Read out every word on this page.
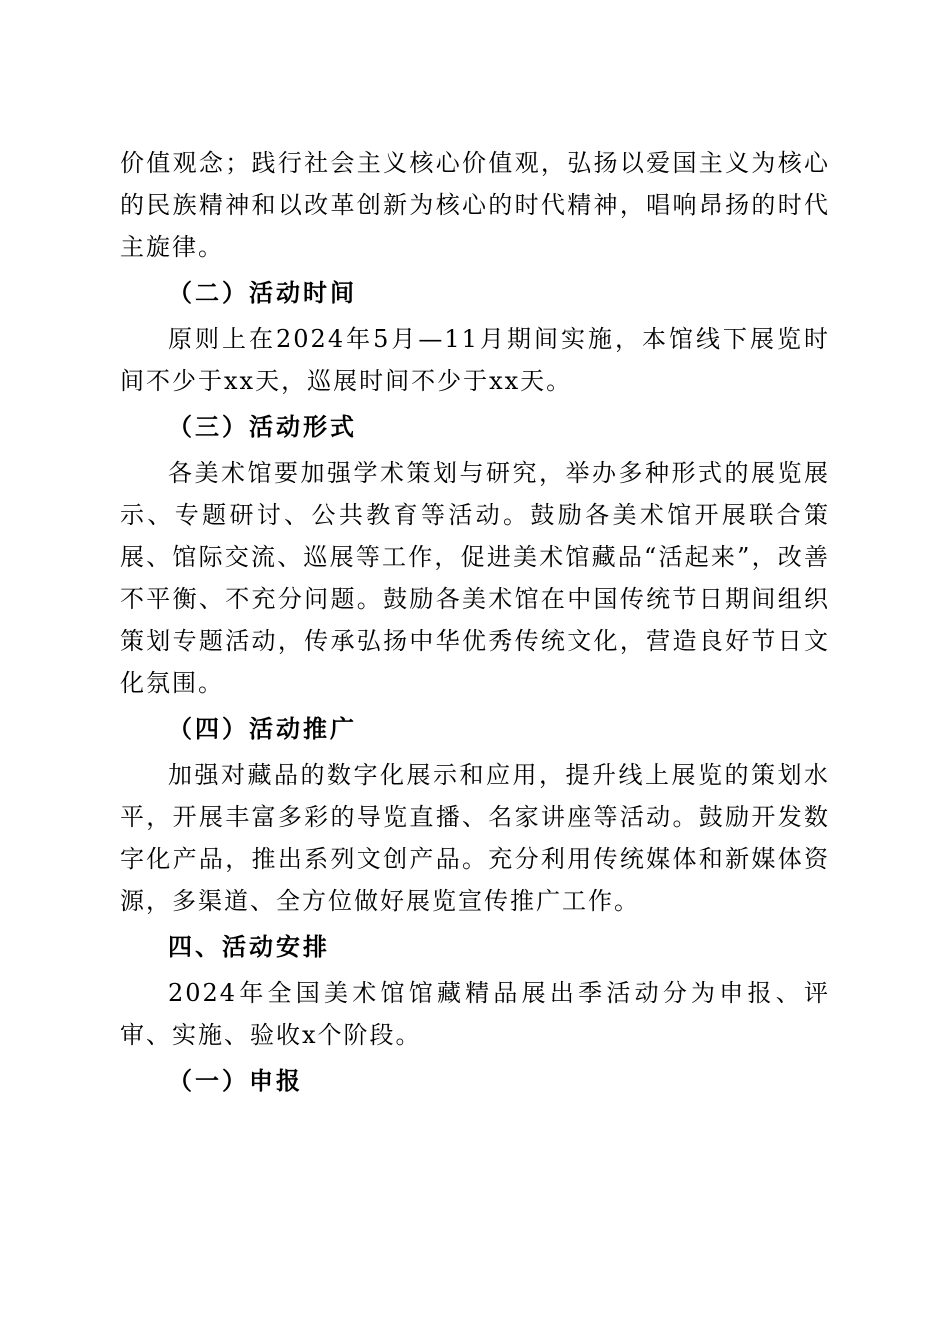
价值观念；践行社会主义核心价值观，弘扬以爱国主义为核心的民族精神和以改革创新为核心的时代精神，唱响昂扬的时代主旋律。

（二）活动时间

原则上在2024年5月—11月期间实施，本馆线下展览时间不少于xx天，巡展时间不少于xx天。

（三）活动形式

各美术馆要加强学术策划与研究，举办多种形式的展览展示、专题研讨、公共教育等活动。鼓励各美术馆开展联合策展、馆际交流、巡展等工作，促进美术馆藏品“活起来”，改善不平衡、不充分问题。鼓励各美术馆在中国传统节日期间组织策划专题活动，传承弘扬中华优秀传统文化，营造良好节日文化氛围。

（四）活动推广

加强对藏品的数字化展示和应用，提升线上展览的策划水平，开展丰富多彩的导览直播、名家讲座等活动。鼓励开发数字化产品，推出系列文创产品。充分利用传统媒体和新媒体资源，多渠道、全方位做好展览宣传推广工作。

四、活动安排

2024年全国美术馆馆藏精品展出季活动分为申报、评审、实施、验收x个阶段。

（一）申报
